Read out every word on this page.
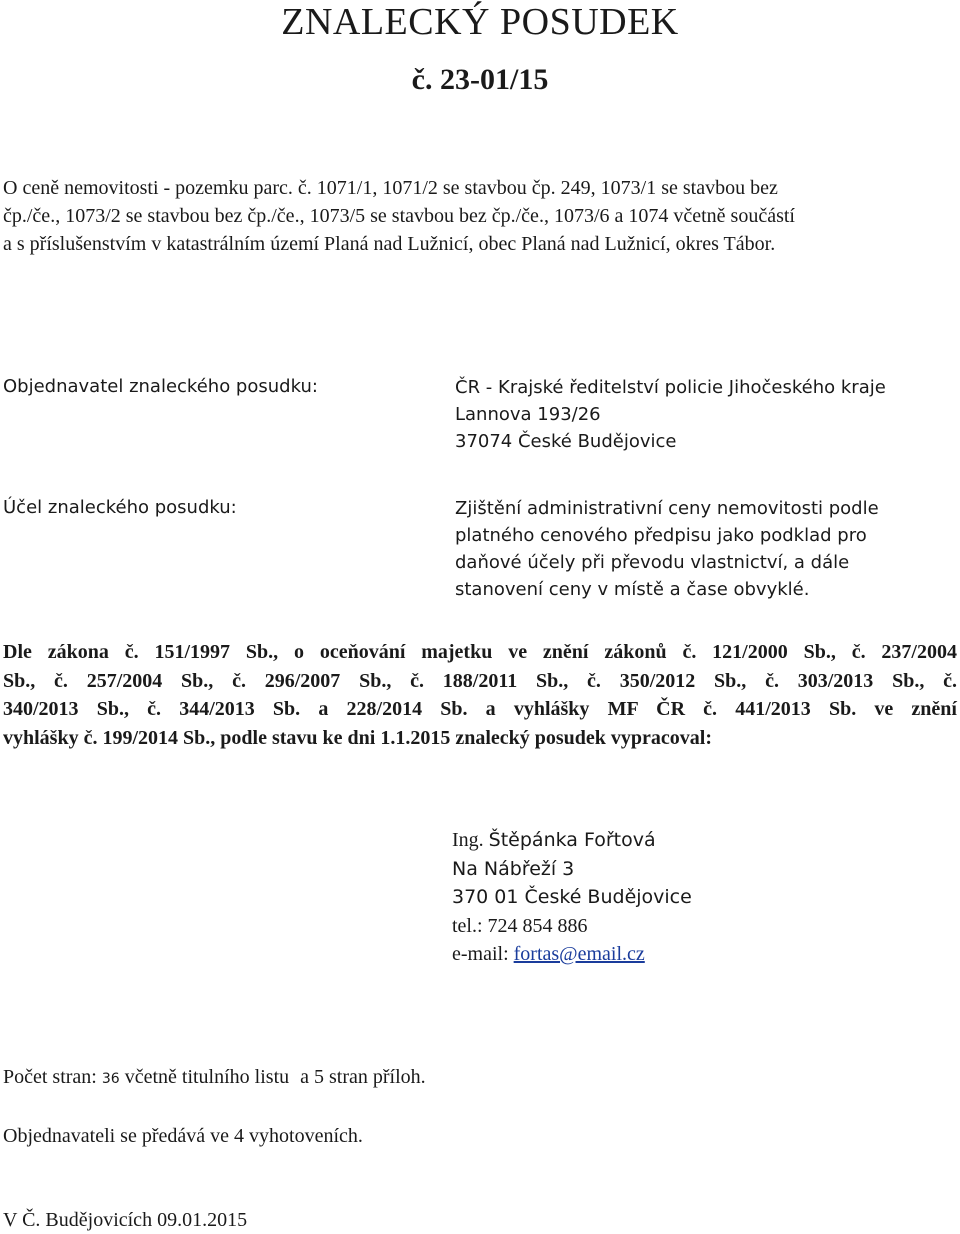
ZNALECKÝ POSUDEK
č. 23-01/15

O ceně nemovitosti - pozemku parc. č. 1071/1, 1071/2 se stavbou čp. 249, 1073/1 se stavbou bez

čp./če., 1073/2 se stavbou bez čp./če., 1073/5 se stavbou bez čp./če., 1073/6 a 1074 včetně součástí

a s příslušenstvím v katastrálním území Planá nad Lužnicí, obec Planá nad Lužnicí, okres Tábor.

Objednavatel znaleckého posudku:	ČR - Krajské ředitelství policie Jihočeského kraje

Lannova 193/26

37074 České Budějovice

Účel znaleckého posudku:	Zjištění administrativní ceny nemovitosti podle

platného cenového předpisu jako podklad pro

daňové účely při převodu vlastnictví, a dále

stanovení ceny v místě a čase obvyklé.

Dle zákona č. 151/1997 Sb., o oceňování majetku ve znění zákonů č. 121/2000 Sb., č. 237/2004

Sb., č. 257/2004 Sb., č. 296/2007 Sb., č. 188/2011 Sb., č. 350/2012 Sb., č. 303/2013 Sb., č.

340/2013 Sb., č. 344/2013 Sb. a 228/2014 Sb. a vyhlášky MF ČR č. 441/2013 Sb. ve znění

vyhlášky č. 199/2014 Sb., podle stavu ke dni 1.1.2015 znalecký posudek vypracoval:

Ing. Štěpánka Fořtová

Na Nábřeží 3

370 01 České Budějovice

tel.: 724 854 886

e-mail: fortas@email.cz

Počet stran: 36 včetně titulního listu a 5 stran příloh.
Objednavateli se předává ve 4 vyhotoveních.
V Č. Budějovicích 09.01.2015
